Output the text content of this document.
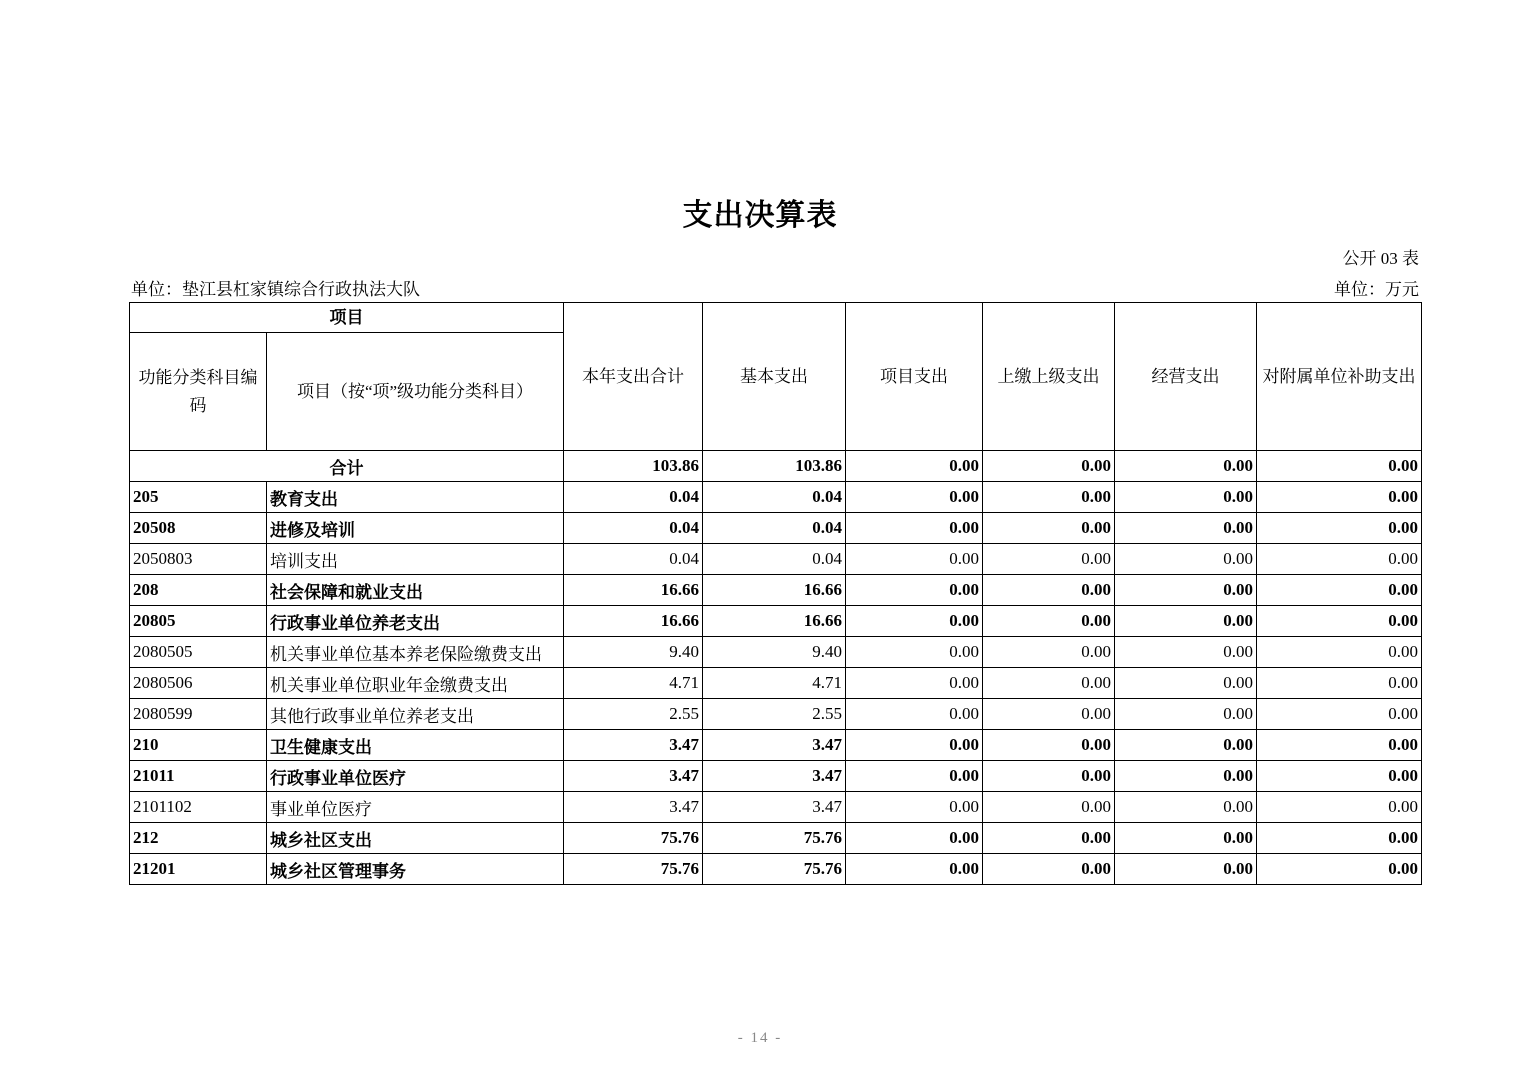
支出决算表
公开 03 表
单位：垫江县杠家镇综合行政执法大队	单位：万元
项目		本年支出合计	基本支出	项目支出	上缴上级支出	经营支出	对附属单位补助支出
功能分类科目编码	项目（按“项”级功能分类科目）						
合计		103.86	103.86	0.00	0.00	0.00	0.00
205	教育支出	0.04	0.04	0.00	0.00	0.00	0.00
20508	进修及培训	0.04	0.04	0.00	0.00	0.00	0.00
2050803	培训支出	0.04	0.04	0.00	0.00	0.00	0.00
208	社会保障和就业支出	16.66	16.66	0.00	0.00	0.00	0.00
20805	行政事业单位养老支出	16.66	16.66	0.00	0.00	0.00	0.00
2080505	机关事业单位基本养老保险缴费支出	9.40	9.40	0.00	0.00	0.00	0.00
2080506	机关事业单位职业年金缴费支出	4.71	4.71	0.00	0.00	0.00	0.00
2080599	其他行政事业单位养老支出	2.55	2.55	0.00	0.00	0.00	0.00
210	卫生健康支出	3.47	3.47	0.00	0.00	0.00	0.00
21011	行政事业单位医疗	3.47	3.47	0.00	0.00	0.00	0.00
2101102	事业单位医疗	3.47	3.47	0.00	0.00	0.00	0.00
212	城乡社区支出	75.76	75.76	0.00	0.00	0.00	0.00
21201	城乡社区管理事务	75.76	75.76	0.00	0.00	0.00	0.00
- 14 -
